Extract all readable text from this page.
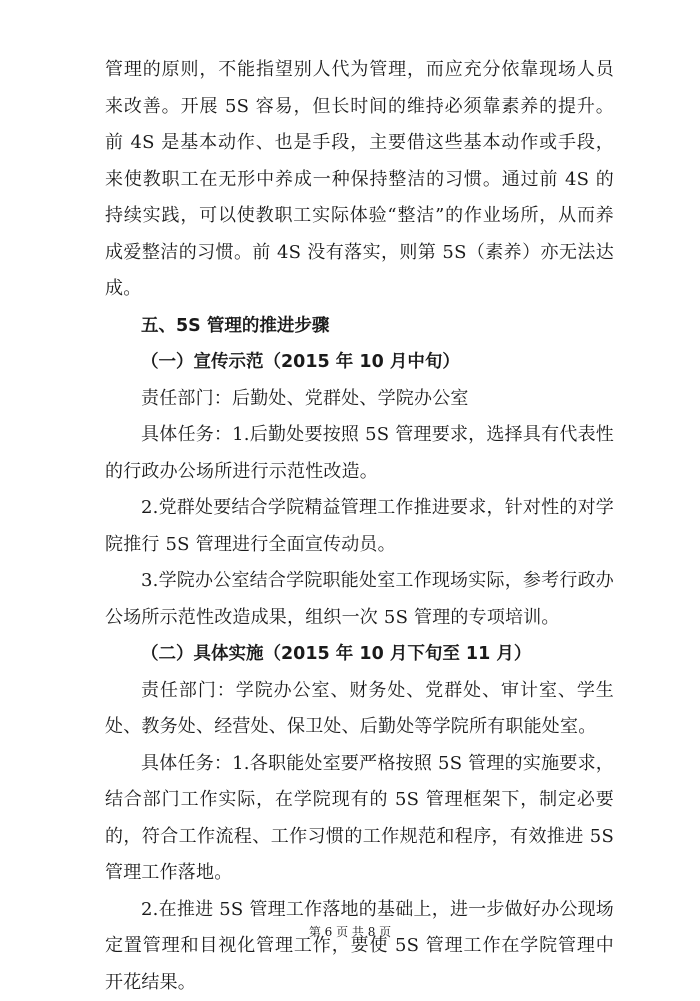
管理的原则，不能指望别人代为管理，而应充分依靠现场人员来改善。开展 5S 容易，但长时间的维持必须靠素养的提升。前 4S 是基本动作、也是手段，主要借这些基本动作或手段，来使教职工在无形中养成一种保持整洁的习惯。通过前 4S 的持续实践，可以使教职工实际体验“整洁”的作业场所，从而养成爱整洁的习惯。前 4S 没有落实，则第 5S（素养）亦无法达成。

五、5S 管理的推进步骤

（一）宣传示范（2015 年 10 月中旬）

责任部门：后勤处、党群处、学院办公室

具体任务：1.后勤处要按照 5S 管理要求，选择具有代表性的行政办公场所进行示范性改造。

2.党群处要结合学院精益管理工作推进要求，针对性的对学院推行 5S 管理进行全面宣传动员。

3.学院办公室结合学院职能处室工作现场实际，参考行政办公场所示范性改造成果，组织一次 5S 管理的专项培训。

（二）具体实施（2015 年 10 月下旬至 11 月）

责任部门：学院办公室、财务处、党群处、审计室、学生处、教务处、经营处、保卫处、后勤处等学院所有职能处室。

具体任务：1.各职能处室要严格按照 5S 管理的实施要求，结合部门工作实际，在学院现有的 5S 管理框架下，制定必要的，符合工作流程、工作习惯的工作规范和程序，有效推进 5S 管理工作落地。

2.在推进 5S 管理工作落地的基础上，进一步做好办公现场定置管理和目视化管理工作，要使 5S 管理工作在学院管理中开花结果。

第 6 页 共 8 页
